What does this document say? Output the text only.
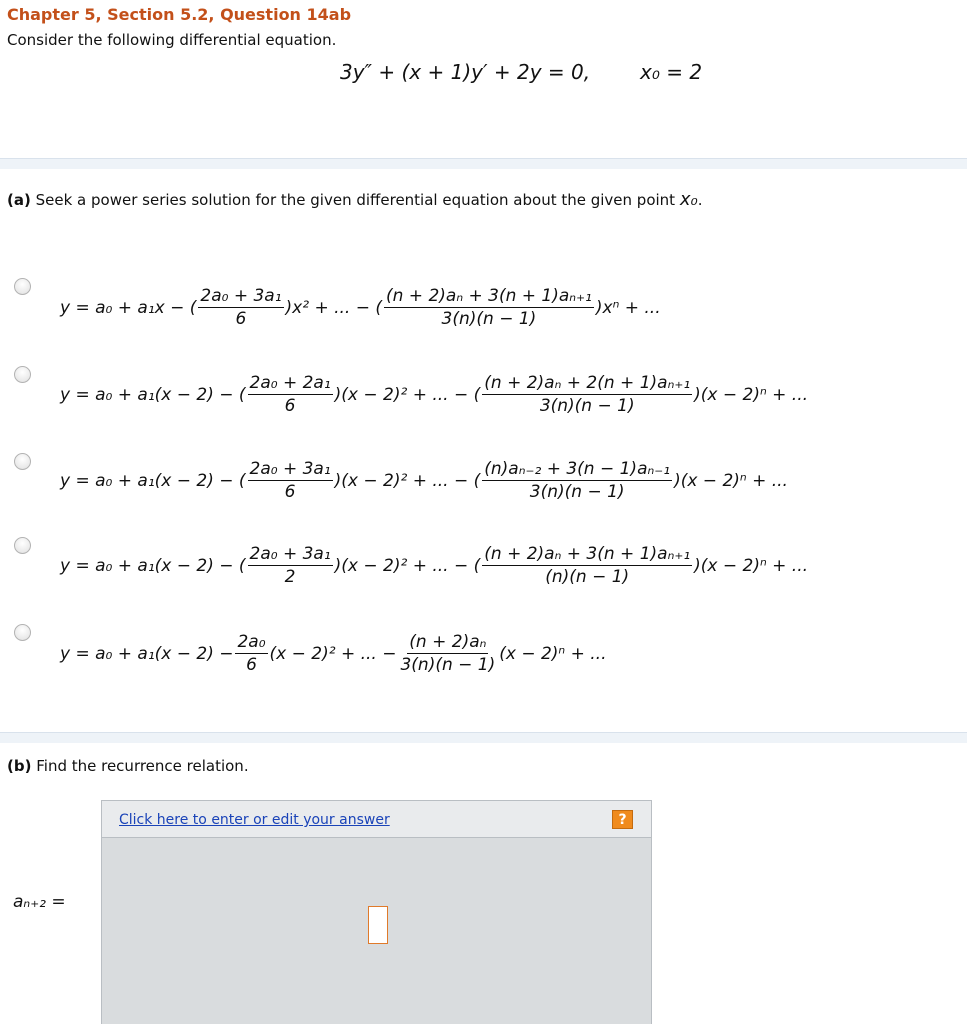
Chapter 5, Section 5.2, Question 14ab
Consider the following differential equation.
3y″ + (x + 1)y′ + 2y = 0, x₀ = 2
(a) Seek a power series solution for the given differential equation about the given point x₀.
y = a₀ + a₁x − ( $\frac{\text{2a₀ + 3a₁}}{6} )x^2$ + ... − ( $\frac{\text{(n + 2)aₙ + 3(n + 1)aₙ₊₁}}{3(n)(n - 1)} )x^n$ + ...
y = a₀ + a₁(x − 2) − ( $\frac{\text{2a₀ + 2a₁}}{6} )(x - 2)^2$ + ... − ( $\frac{\text{(n + 2)aₙ + 2(n + 1)aₙ₊₁}}{3(n)(n - 1)} )(x - 2)^n$ + ...
y = a₀ + a₁(x − 2) − ( $\frac{\text{2a₀ + 3a₁}}{6} )(x - 2)^2$ + ... − ( $\frac{\text{(n)aₙ₋₂ + 3(n − 1)aₙ₋₁}}{3(n)(n - 1)} )(x - 2)^n$ + ...
y = a₀ + a₁(x − 2) − ( $\frac{\text{2a₀ + 3a₁}}{2} )(x - 2)^2$ + ... − ( $\frac{\text{(n + 2)aₙ + 3(n + 1)aₙ₊₁}}{(n)(n - 1)} )(x - 2)^n$ + ...
$y = a_0 + a_1(x - 2) - \frac{\text{2a₀}}{6} (x - 2)^2$ + ... − $\frac{\text{(n + 2)aₙ}}{3(n)(n - 1)} (x - 2)^n$ + ...
(b) Find the recurrence relation.
Click here to enter or edit your answer	?
aₙ₊₂ =
